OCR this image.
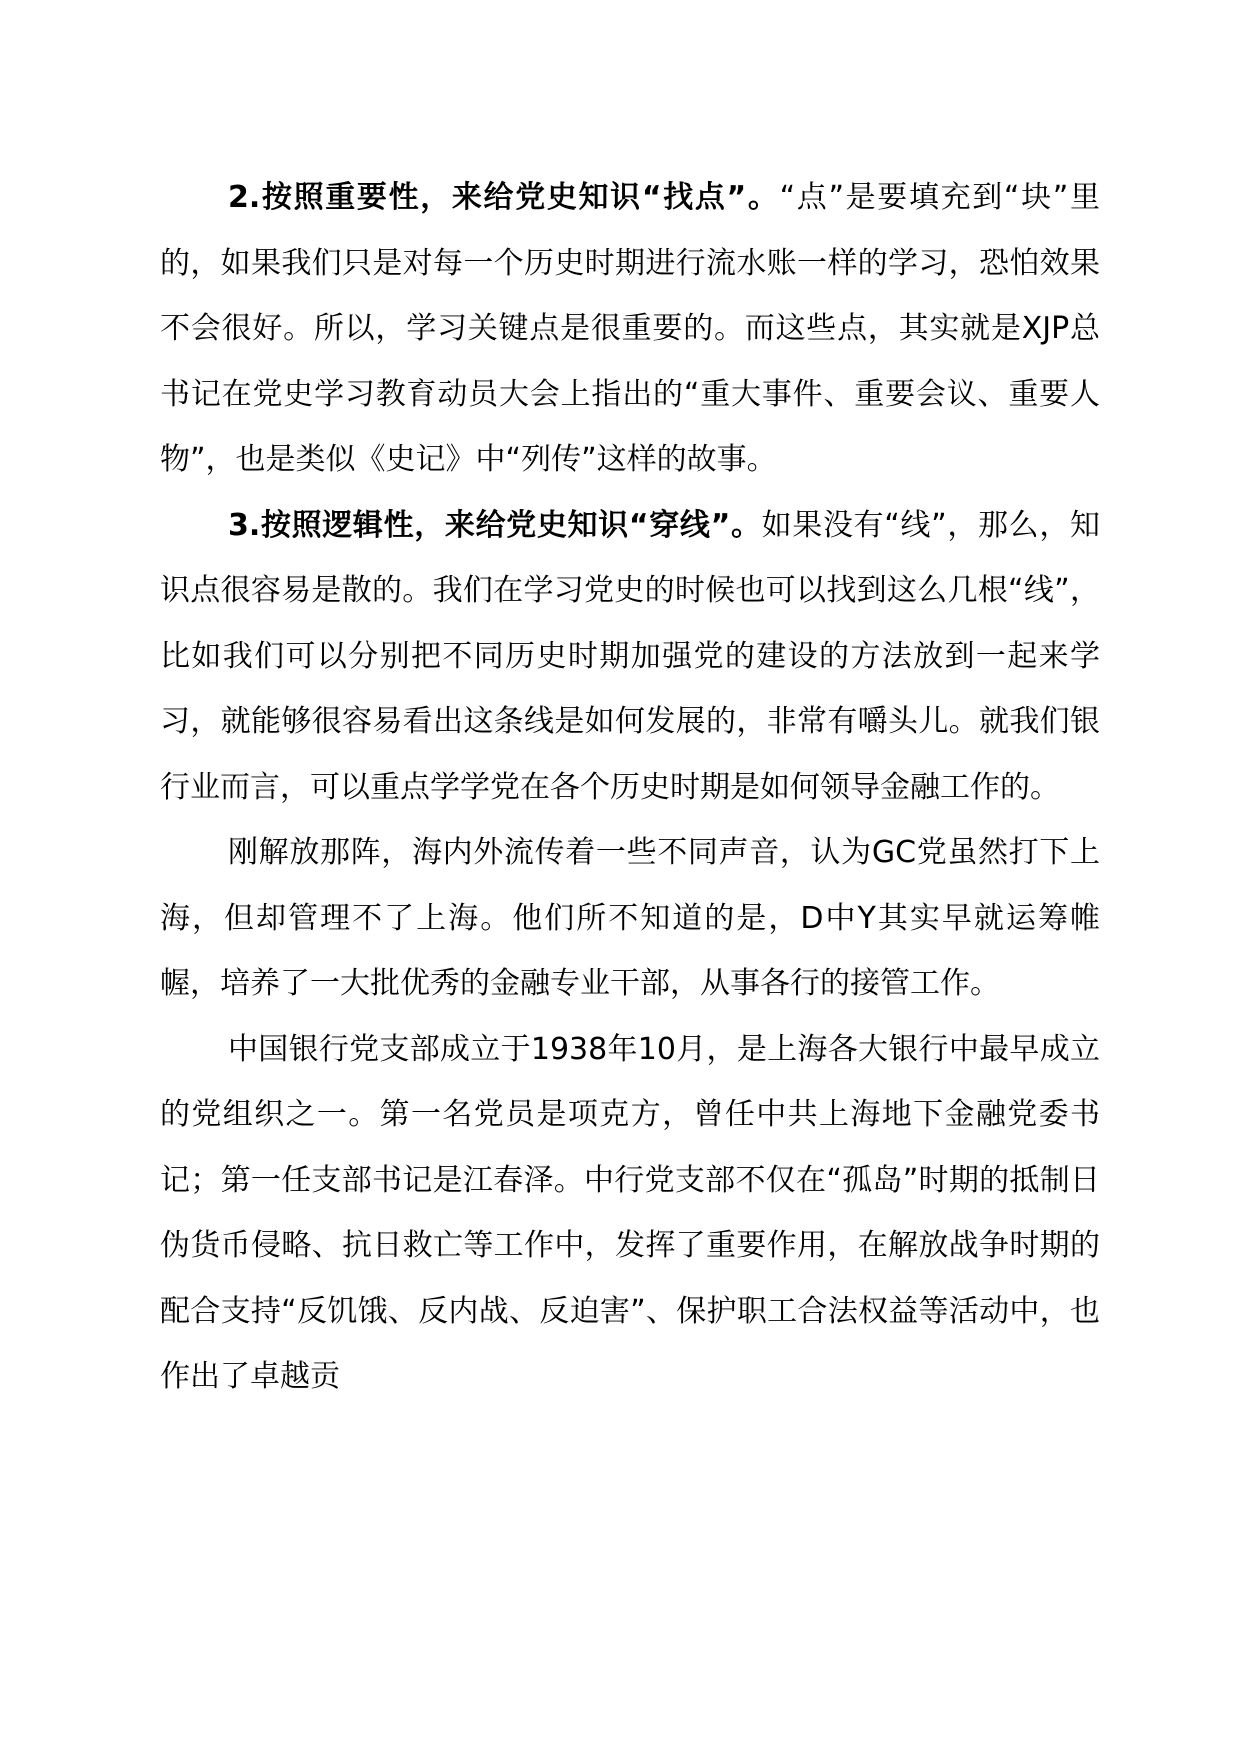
2.按照重要性，来给党史知识“找点”。“点”是要填充到“块”里的，如果我们只是对每一个历史时期进行流水账一样的学习，恐怕效果不会很好。所以，学习关键点是很重要的。而这些点，其实就是XJP总书记在党史学习教育动员大会上指出的“重大事件、重要会议、重要人物”，也是类似《史记》中“列传”这样的故事。

3.按照逻辑性，来给党史知识“穿线”。如果没有“线”，那么，知识点很容易是散的。我们在学习党史的时候也可以找到这么几根“线”，比如我们可以分别把不同历史时期加强党的建设的方法放到一起来学习，就能够很容易看出这条线是如何发展的，非常有嚼头儿。就我们银行业而言，可以重点学学党在各个历史时期是如何领导金融工作的。

刚解放那阵，海内外流传着一些不同声音，认为GC党虽然打下上海，但却管理不了上海。他们所不知道的是，D中Y其实早就运筹帷幄，培养了一大批优秀的金融专业干部，从事各行的接管工作。

中国银行党支部成立于1938年10月，是上海各大银行中最早成立的党组织之一。第一名党员是项克方，曾任中共上海地下金融党委书记；第一任支部书记是江春泽。中行党支部不仅在“孤岛”时期的抵制日伪货币侵略、抗日救亡等工作中，发挥了重要作用，在解放战争时期的配合支持“反饥饿、反内战、反迫害”、保护职工合法权益等活动中，也作出了卓越贡
